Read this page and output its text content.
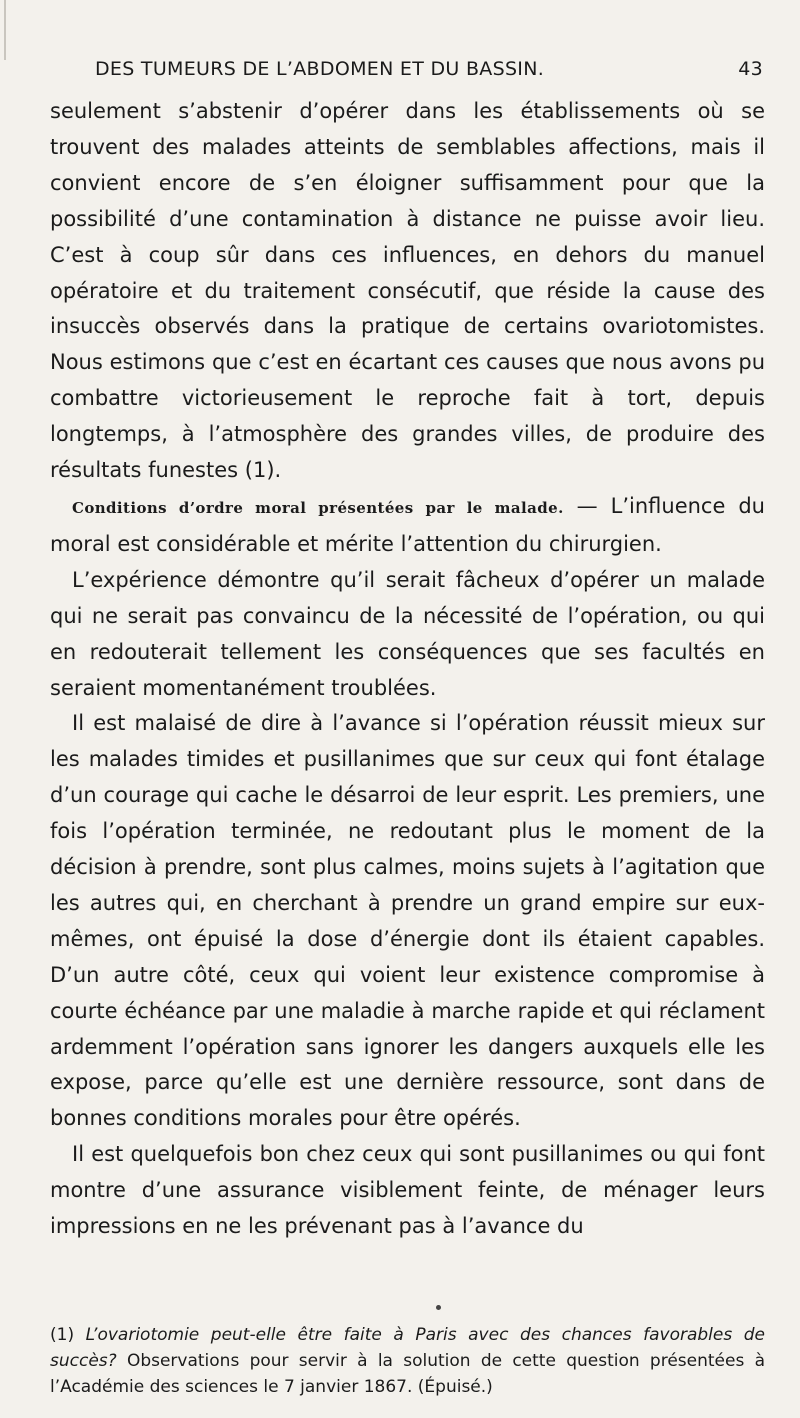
DES TUMEURS DE L’ABDOMEN ET DU BASSIN.	43

seulement s’abstenir d’opérer dans les établissements où se trouvent des malades atteints de semblables affections, mais il convient encore de s’en éloigner suffisamment pour que la possibilité d’une contamination à distance ne puisse avoir lieu. C’est à coup sûr dans ces influences, en dehors du manuel opératoire et du traitement consécutif, que réside la cause des insuccès observés dans la pratique de certains ovariotomistes. Nous estimons que c’est en écartant ces causes que nous avons pu combattre victorieusement le reproche fait à tort, depuis longtemps, à l’atmosphère des grandes villes, de produire des résultats funestes (1).

Conditions d’ordre moral présentées par le malade. — L’influence du moral est considérable et mérite l’attention du chirurgien.

L’expérience démontre qu’il serait fâcheux d’opérer un malade qui ne serait pas convaincu de la nécessité de l’opération, ou qui en redouterait tellement les conséquences que ses facultés en seraient momentanément troublées.

Il est malaisé de dire à l’avance si l’opération réussit mieux sur les malades timides et pusillanimes que sur ceux qui font étalage d’un courage qui cache le désarroi de leur esprit. Les premiers, une fois l’opération terminée, ne redoutant plus le moment de la décision à prendre, sont plus calmes, moins sujets à l’agitation que les autres qui, en cherchant à prendre un grand empire sur eux-mêmes, ont épuisé la dose d’énergie dont ils étaient capables. D’un autre côté, ceux qui voient leur existence compromise à courte échéance par une maladie à marche rapide et qui réclament ardemment l’opération sans ignorer les dangers auxquels elle les expose, parce qu’elle est une dernière ressource, sont dans de bonnes conditions morales pour être opérés.

Il est quelquefois bon chez ceux qui sont pusillanimes ou qui font montre d’une assurance visiblement feinte, de ménager leurs impressions en ne les prévenant pas à l’avance du

(1) L’ovariotomie peut-elle être faite à Paris avec des chances favorables de succès? Observations pour servir à la solution de cette question présentées à l’Académie des sciences le 7 janvier 1867. (Épuisé.)
